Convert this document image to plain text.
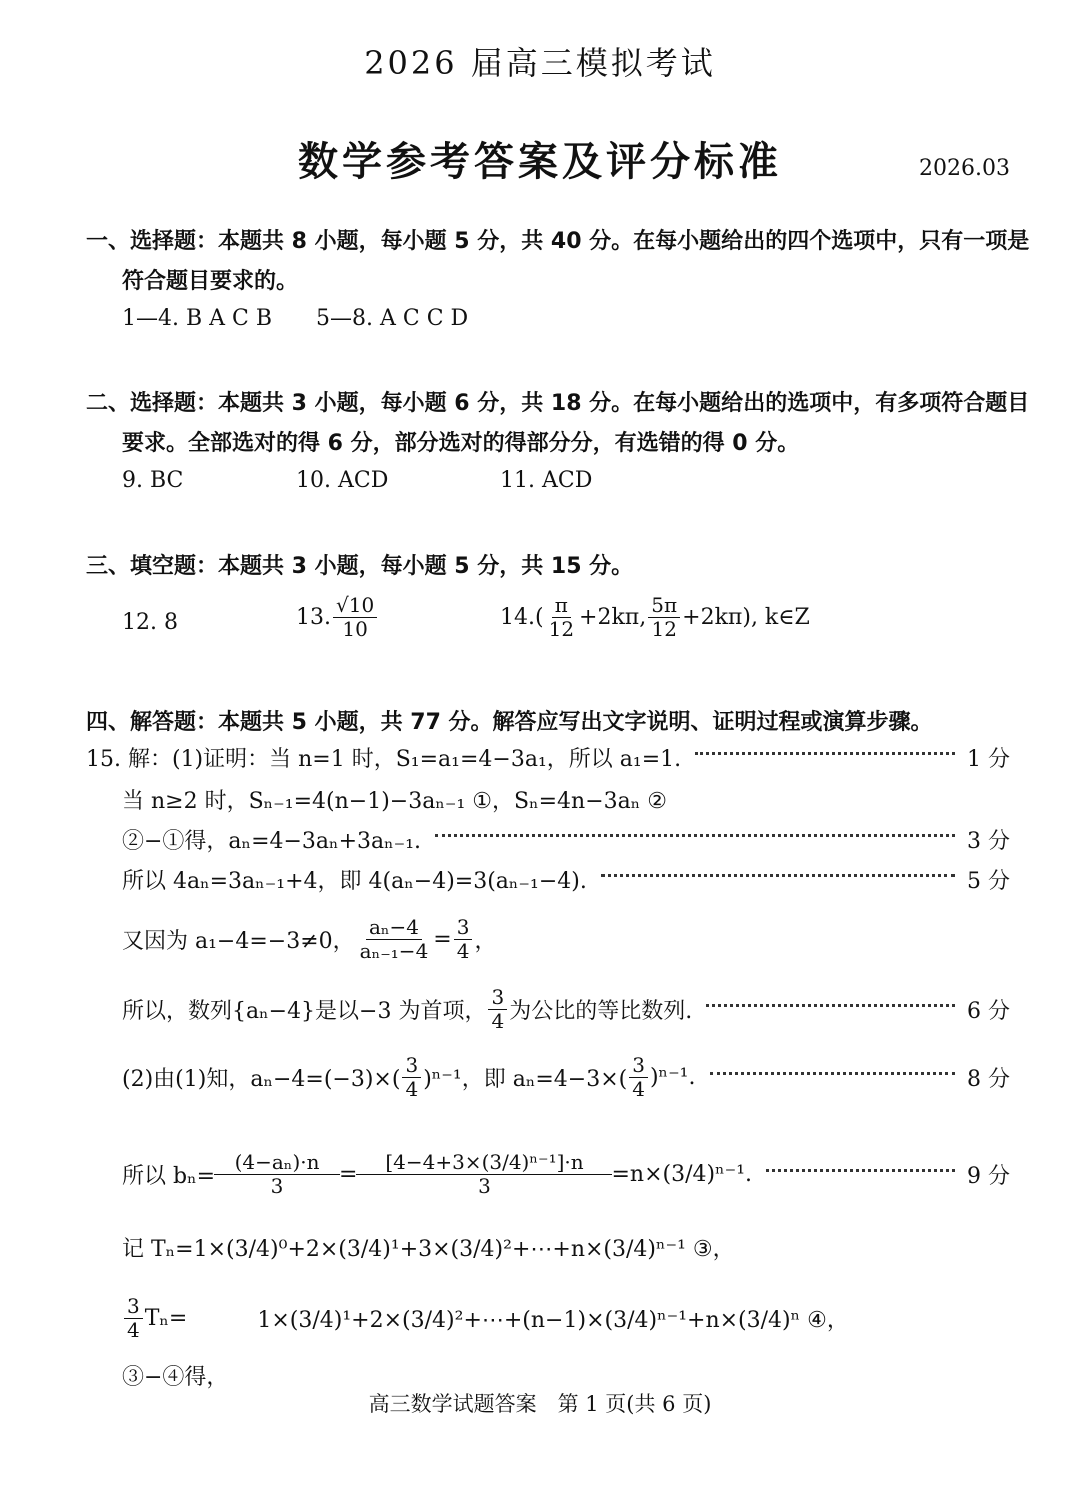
2026 届高三模拟考试
数学参考答案及评分标准	2026.03
一、选择题：本题共 8 小题，每小题 5 分，共 40 分。在每小题给出的四个选项中，只有一项是
符合题目要求的。
1—4. B A C B 5—8. A C C D
二、选择题：本题共 3 小题，每小题 6 分，共 18 分。在每小题给出的选项中，有多项符合题目
要求。全部选对的得 6 分，部分选对的得部分分，有选错的得 0 分。
9. BC	10. ACD	11. ACD
三、填空题：本题共 3 小题，每小题 5 分，共 15 分。
12. 8	13. $\frac{√10}{10}$	14. ( $\frac{\pi}{12} +2k\pi$, $\frac{5\pi}{12} +2k\pi$), k∈Z
四、解答题：本题共 5 小题，共 77 分。解答应写出文字说明、证明过程或演算步骤。
15. 解：(1)证明：当 n=1 时，S₁=a₁=4−3a₁，所以 a₁=1.	1 分
当 n≥2 时，Sₙ₋₁=4(n−1)−3aₙ₋₁ ①，Sₙ=4n−3aₙ ②
②−①得，aₙ=4−3aₙ+3aₙ₋₁.	3 分
所以 4aₙ=3aₙ₋₁+4，即 4(aₙ−4)=3(aₙ₋₁−4).	5 分
又因为 a₁−4=−3≠0， $\frac{\text{aₙ−4}}{\text{aₙ₋₁−4}} = \frac{3}{4}$ ，
所以，数列{aₙ−4}是以−3 为首项， $\frac{3}{4}$ 为公比的等比数列.	6 分
(2)由(1)知，$a_n-4=(-3)\times( \frac{3}{4} )^{n-1}$，即 $a_n=4-3\times( \frac{3}{4} )^{n-1}$.	8 分
所以 $b_n= \frac{\text{(4−aₙ)·n}}{3} = \frac{\text{[4−4+3×(3/4)ⁿ⁻¹]·n}}{3} =n\times(3/4)^{n-1}$.	9 分
记 Tₙ=1×(3/4)⁰+2×(3/4)¹+3×(3/4)²+⋯+n×(3/4)ⁿ⁻¹ ③，
$\frac{3}{4} T_n=$	1×(3/4)¹+2×(3/4)²+⋯+(n−1)×(3/4)ⁿ⁻¹+n×(3/4)ⁿ ④，
③−④得，
高三数学试题答案　第 1 页(共 6 页)
